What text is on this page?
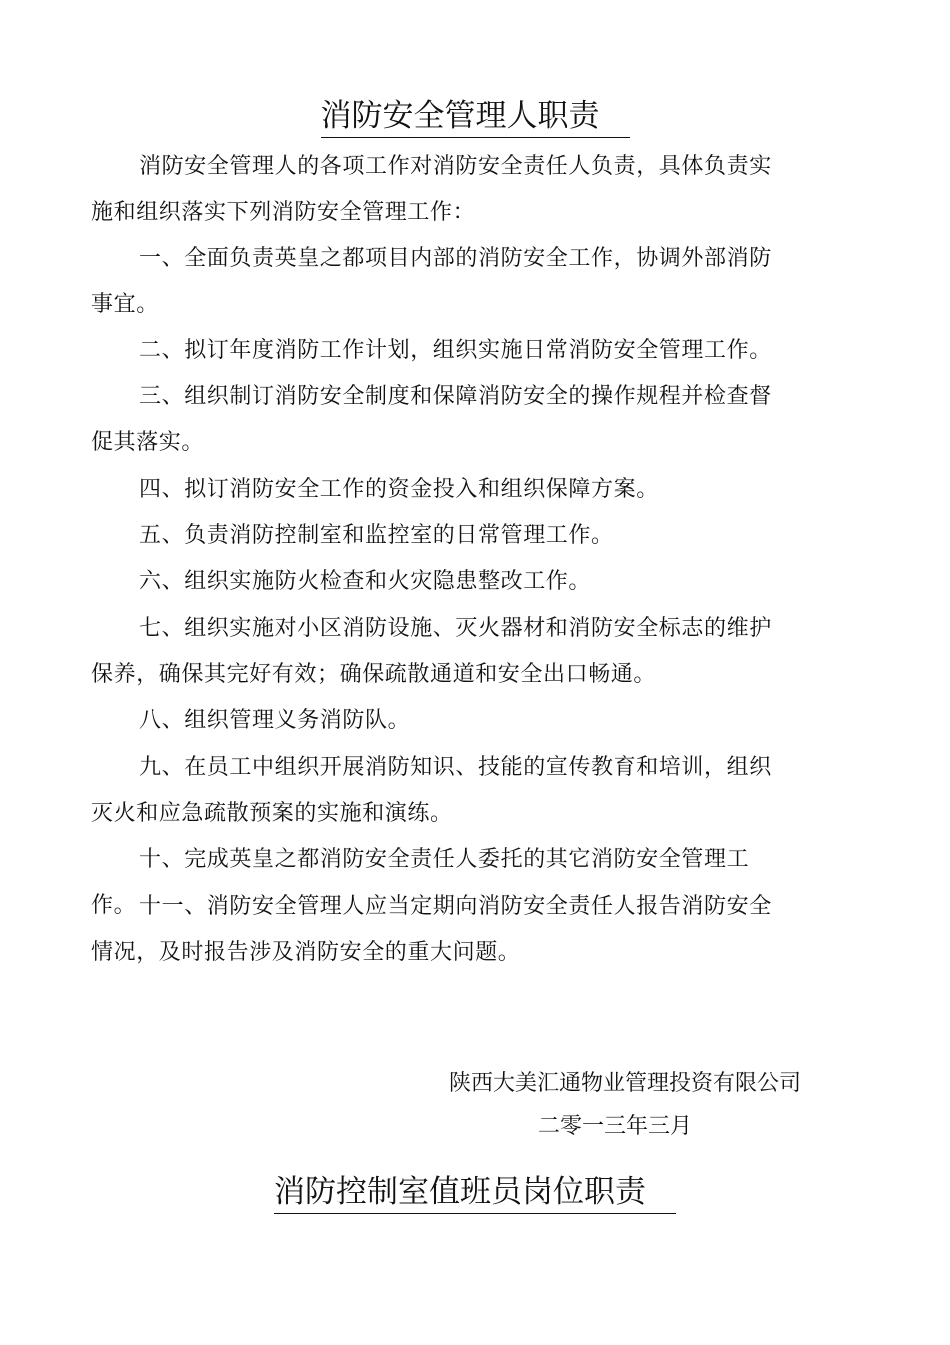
消防安全管理人职责

消防安全管理人的各项工作对消防安全责任人负责，具体负责实施和组织落实下列消防安全管理工作：

一、全面负责英皇之都项目内部的消防安全工作，协调外部消防事宜。

二、拟订年度消防工作计划，组织实施日常消防安全管理工作。

三、组织制订消防安全制度和保障消防安全的操作规程并检查督促其落实。

四、拟订消防安全工作的资金投入和组织保障方案。

五、负责消防控制室和监控室的日常管理工作。

六、组织实施防火检查和火灾隐患整改工作。

七、组织实施对小区消防设施、灭火器材和消防安全标志的维护保养，确保其完好有效；确保疏散通道和安全出口畅通。

八、组织管理义务消防队。

九、在员工中组织开展消防知识、技能的宣传教育和培训，组织灭火和应急疏散预案的实施和演练。

十、完成英皇之都消防安全责任人委托的其它消防安全管理工作。 十一、消防安全管理人应当定期向消防安全责任人报告消防安全情况，及时报告涉及消防安全的重大问题。

陕西大美汇通物业管理投资有限公司

二零一三年三月

消防控制室值班员岗位职责
